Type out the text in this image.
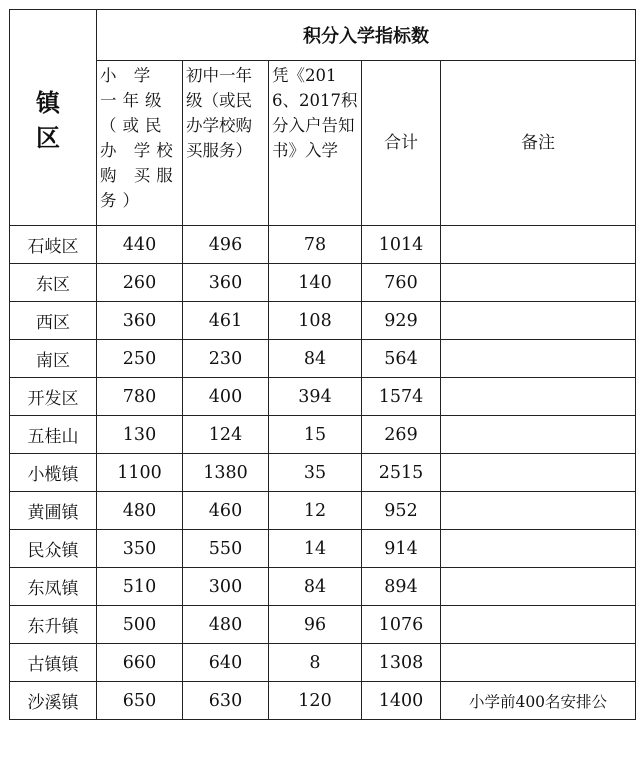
镇 区	积分入学指标数				
	小 学 一年级（或民 办 学校 购 买服务）	初中一年级（或民办学校购买服务）	凭《2016、2017积分入户告知书》入学	合计	备注
石岐区	440	496	78	1014	
东区	260	360	140	760	
西区	360	461	108	929	
南区	250	230	84	564	
开发区	780	400	394	1574	
五桂山	130	124	15	269	
小榄镇	1100	1380	35	2515	
黄圃镇	480	460	12	952	
民众镇	350	550	14	914	
东凤镇	510	300	84	894	
东升镇	500	480	96	1076	
古镇镇	660	640	8	1308	
沙溪镇	650	630	120	1400	小学前400名安排公
